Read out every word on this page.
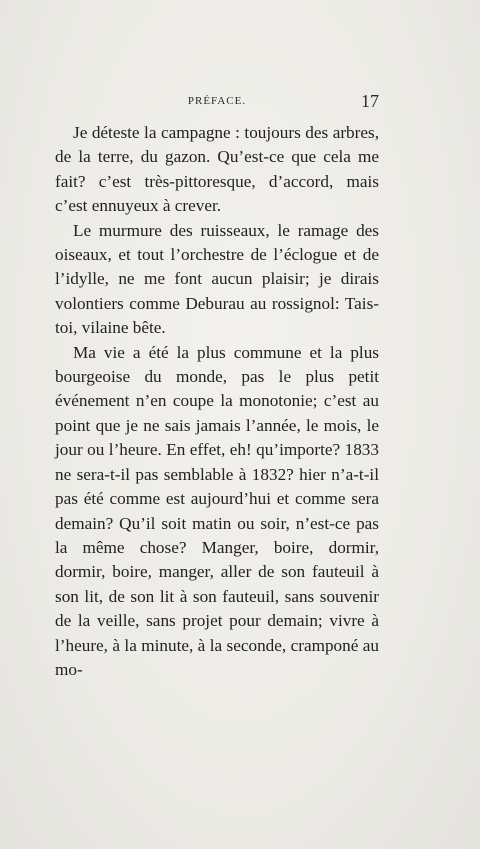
PRÉFACE.	17

Je déteste la campagne : toujours des arbres, de la terre, du gazon. Qu’est-ce que cela me fait? c’est très-pittoresque, d’accord, mais c’est ennuyeux à crever.

Le murmure des ruisseaux, le ramage des oiseaux, et tout l’orchestre de l’éclogue et de l’idylle, ne me font aucun plaisir; je dirais volontiers comme Deburau au rossignol: Tais-toi, vilaine bête.

Ma vie a été la plus commune et la plus bourgeoise du monde, pas le plus petit événement n’en coupe la monotonie; c’est au point que je ne sais jamais l’année, le mois, le jour ou l’heure. En effet, eh! qu’importe? 1833 ne sera-t-il pas semblable à 1832? hier n’a-t-il pas été comme est aujourd’hui et comme sera demain? Qu’il soit matin ou soir, n’est-ce pas la même chose? Manger, boire, dormir, dormir, boire, manger, aller de son fauteuil à son lit, de son lit à son fauteuil, sans souvenir de la veille, sans projet pour demain; vivre à l’heure, à la minute, à la seconde, cramponé au mo-
